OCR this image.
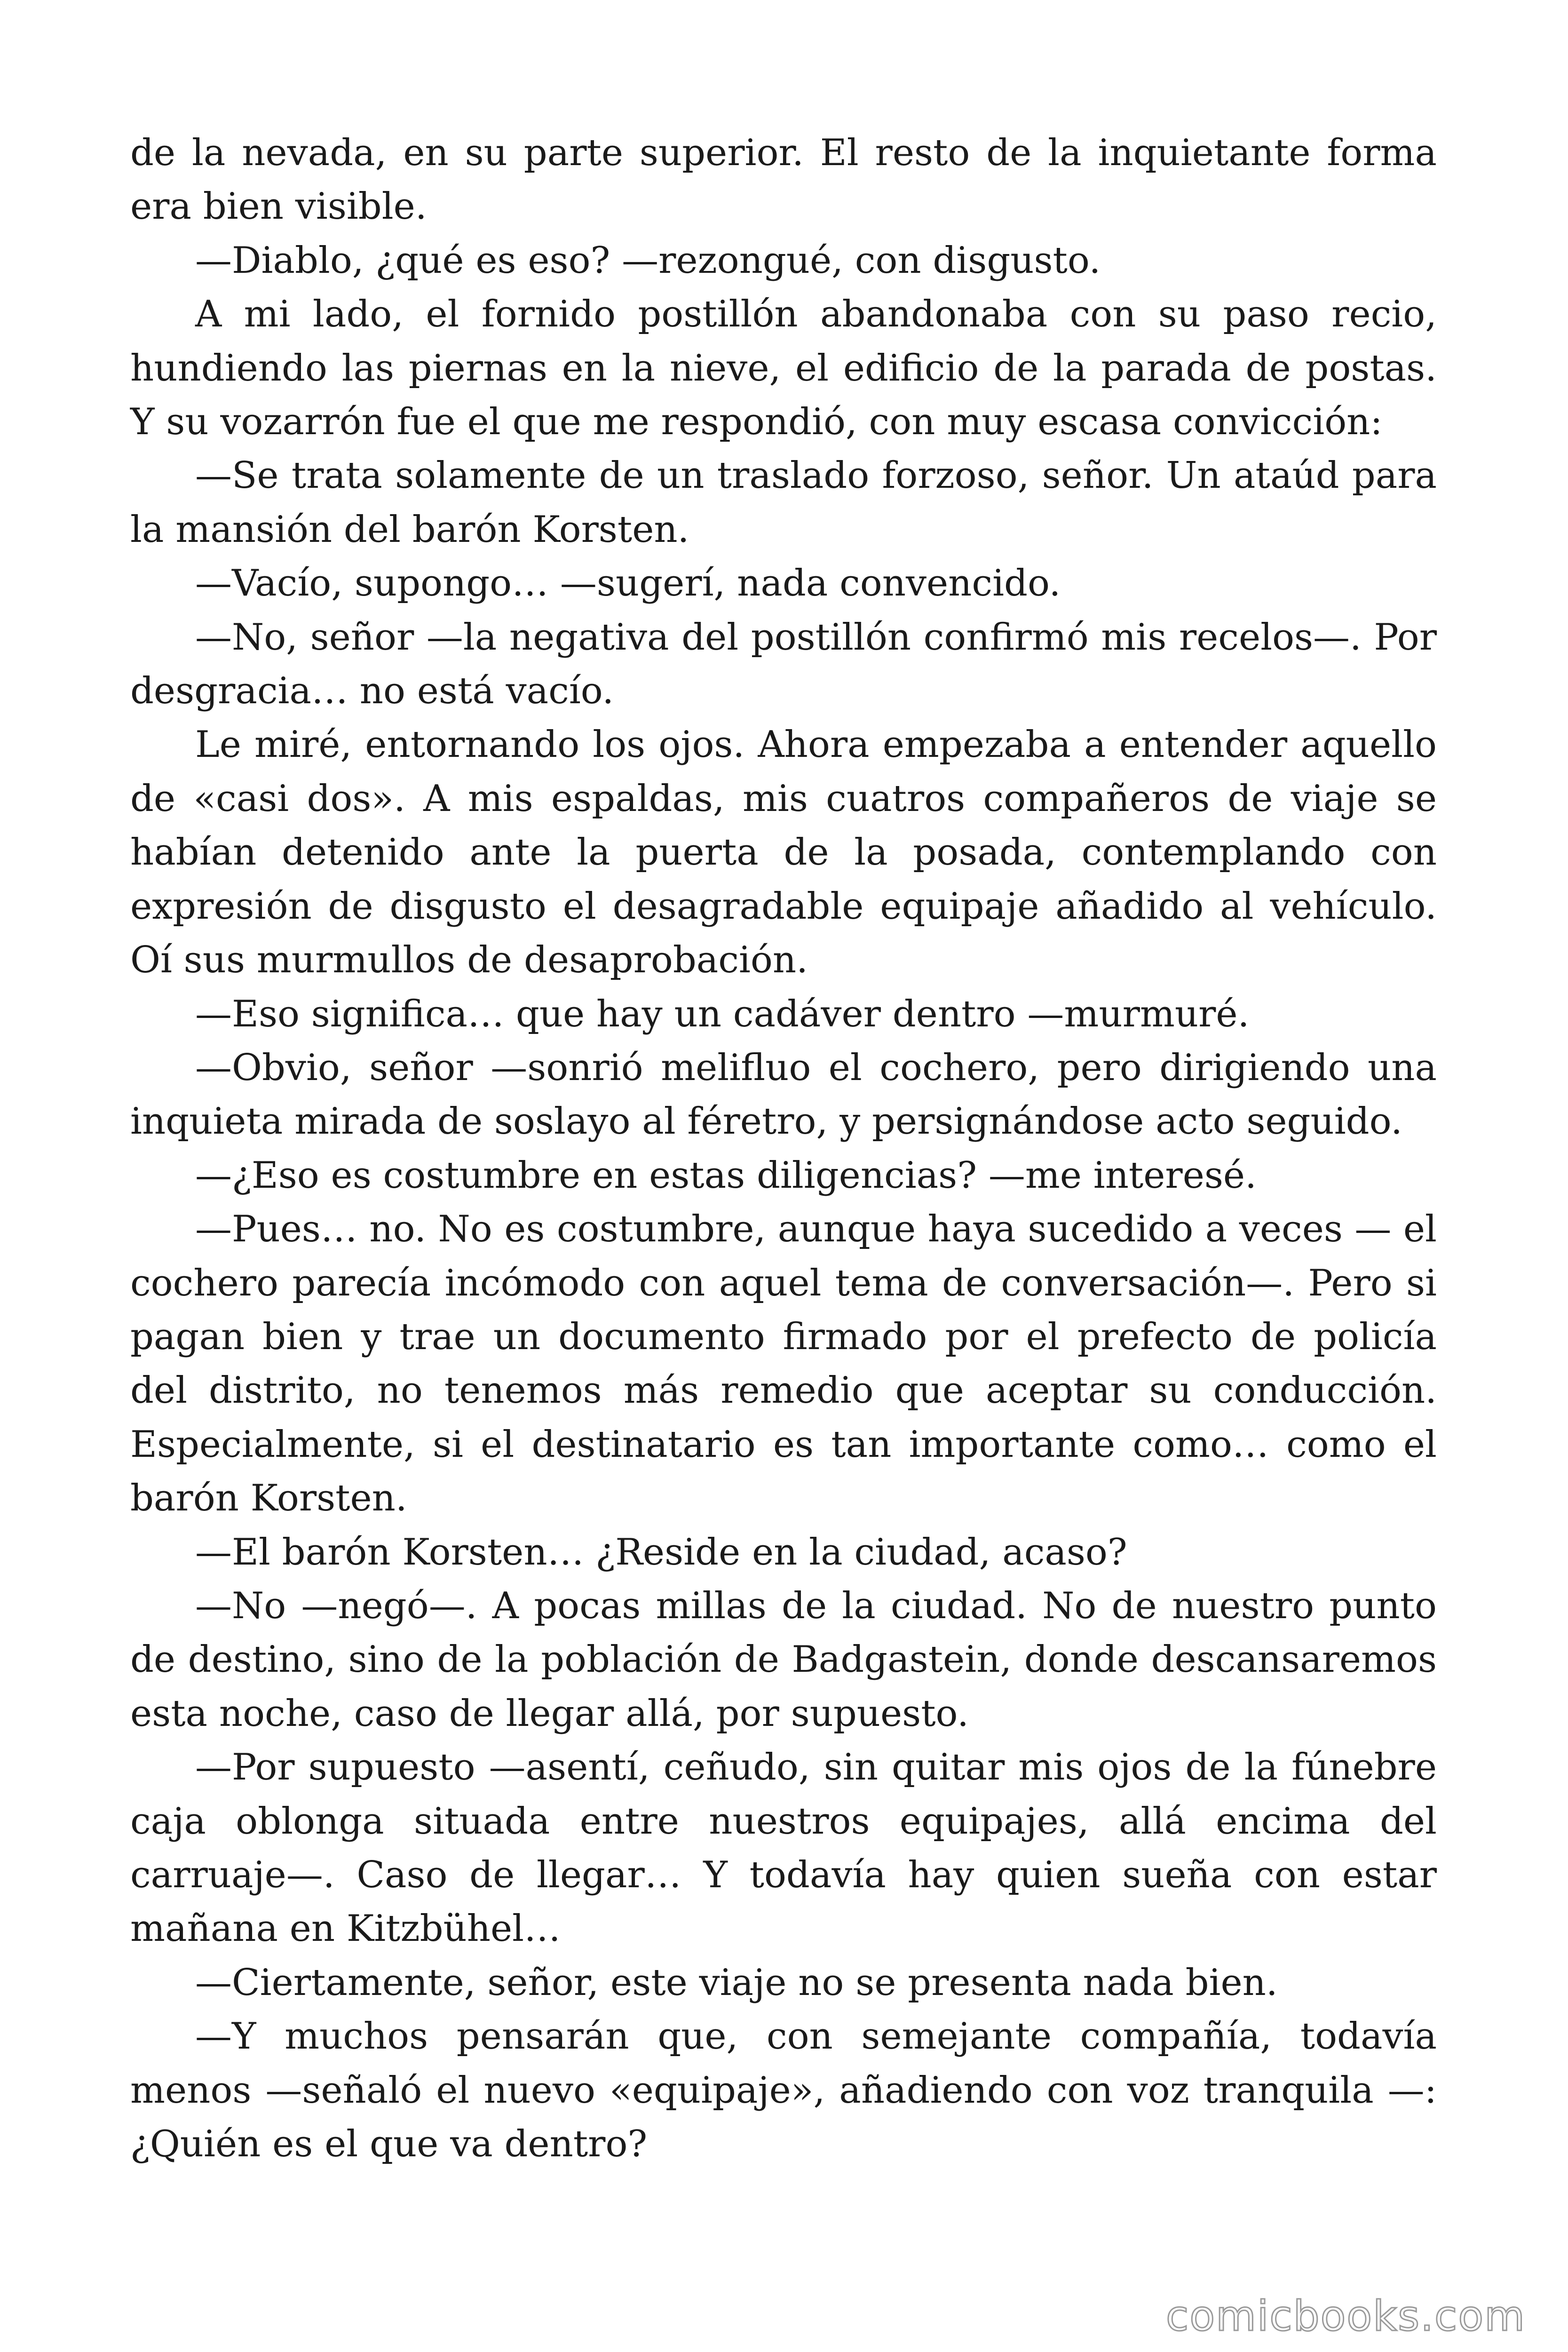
de la nevada, en su parte superior. El resto de la inquietante forma era bien visible.

—Diablo, ¿qué es eso? —rezongué, con disgusto.

A mi lado, el fornido postillón abandonaba con su paso recio, hundiendo las piernas en la nieve, el edificio de la parada de postas. Y su vozarrón fue el que me respondió, con muy escasa convicción:

—Se trata solamente de un traslado forzoso, señor. Un ataúd para la mansión del barón Korsten.

—Vacío, supongo… —sugerí, nada convencido.

—No, señor —la negativa del postillón confirmó mis recelos—. Por desgracia… no está vacío.

Le miré, entornando los ojos. Ahora empezaba a entender aquello de «casi dos». A mis espaldas, mis cuatros compañeros de viaje se habían detenido ante la puerta de la posada, contemplando con expresión de disgusto el desagradable equipaje añadido al vehículo. Oí sus murmullos de desaprobación.

—Eso significa… que hay un cadáver dentro —murmuré.

—Obvio, señor —sonrió melifluo el cochero, pero dirigiendo una inquieta mirada de soslayo al féretro, y persignándose acto seguido.

—¿Eso es costumbre en estas diligencias? —me interesé.

—Pues… no. No es costumbre, aunque haya sucedido a veces — el cochero parecía incómodo con aquel tema de conversación—. Pero si pagan bien y trae un documento firmado por el prefecto de policía del distrito, no tenemos más remedio que aceptar su conducción. Especialmente, si el destinatario es tan importante como… como el barón Korsten.

—El barón Korsten… ¿Reside en la ciudad, acaso?

—No —negó—. A pocas millas de la ciudad. No de nuestro punto de destino, sino de la población de Badgastein, donde descansaremos esta noche, caso de llegar allá, por supuesto.

—Por supuesto —asentí, ceñudo, sin quitar mis ojos de la fúnebre caja oblonga situada entre nuestros equipajes, allá encima del carruaje—. Caso de llegar… Y todavía hay quien sueña con estar mañana en Kitzbühel…

—Ciertamente, señor, este viaje no se presenta nada bien.

—Y muchos pensarán que, con semejante compañía, todavía menos —señaló el nuevo «equipaje», añadiendo con voz tranquila —: ¿Quién es el que va dentro?

comicbooks.com
